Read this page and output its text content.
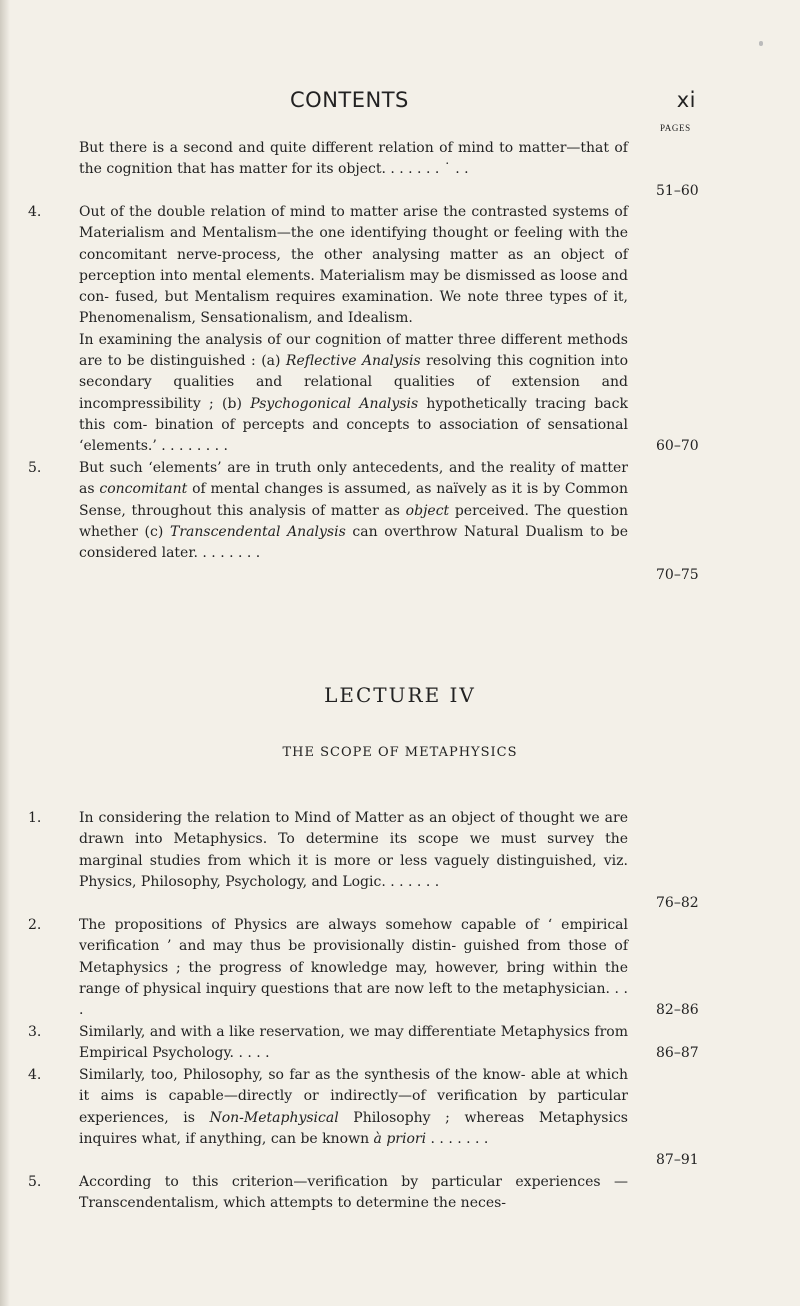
CONTENTS	xi
PAGES
But there is a second and quite different relation of mind to matter—that of the cognition that has matter for its object. . . . . . . ˙ . .
51–60
4.	Out of the double relation of mind to matter arise the contrasted systems of Materialism and Mentalism—the one identifying thought or feeling with the concomitant nerve-process, the other analysing matter as an object of perception into mental elements. Materialism may be dismissed as loose and con- fused, but Mentalism requires examination. We note three types of it, Phenomenalism, Sensationalism, and Idealism.
In examining the analysis of our cognition of matter three different methods are to be distinguished : (a) Reflective Analysis resolving this cognition into secondary qualities and relational qualities of extension and incompressibility ; (b) Psychogonical Analysis hypothetically tracing back this com- bination of percepts and concepts to association of sensational ‘elements.’ . . . . . . . .	60–70
5.	But such ‘elements’ are in truth only antecedents, and the reality of matter as concomitant of mental changes is assumed, as naïvely as it is by Common Sense, throughout this analysis of matter as object perceived. The question whether (c) Transcendental Analysis can overthrow Natural Dualism to be considered later. . . . . . . .
70–75
LECTURE IV
THE SCOPE OF METAPHYSICS
1.	In considering the relation to Mind of Matter as an object of thought we are drawn into Metaphysics. To determine its scope we must survey the marginal studies from which it is more or less vaguely distinguished, viz. Physics, Philosophy, Psychology, and Logic. . . . . . .
76–82
2.	The propositions of Physics are always somehow capable of ‘ empirical verification ’ and may thus be provisionally distin- guished from those of Metaphysics ; the progress of knowledge may, however, bring within the range of physical inquiry questions that are now left to the metaphysician. . . .	82–86
3.	Similarly, and with a like reservation, we may differentiate Metaphysics from Empirical Psychology. . . . .	86–87
4.	Similarly, too, Philosophy, so far as the synthesis of the know- able at which it aims is capable—directly or indirectly—of verification by particular experiences, is Non-Metaphysical Philosophy ; whereas Metaphysics inquires what, if anything, can be known à priori . . . . . . .
87–91
5.	According to this criterion—verification by particular experiences —Transcendentalism, which attempts to determine the neces-
